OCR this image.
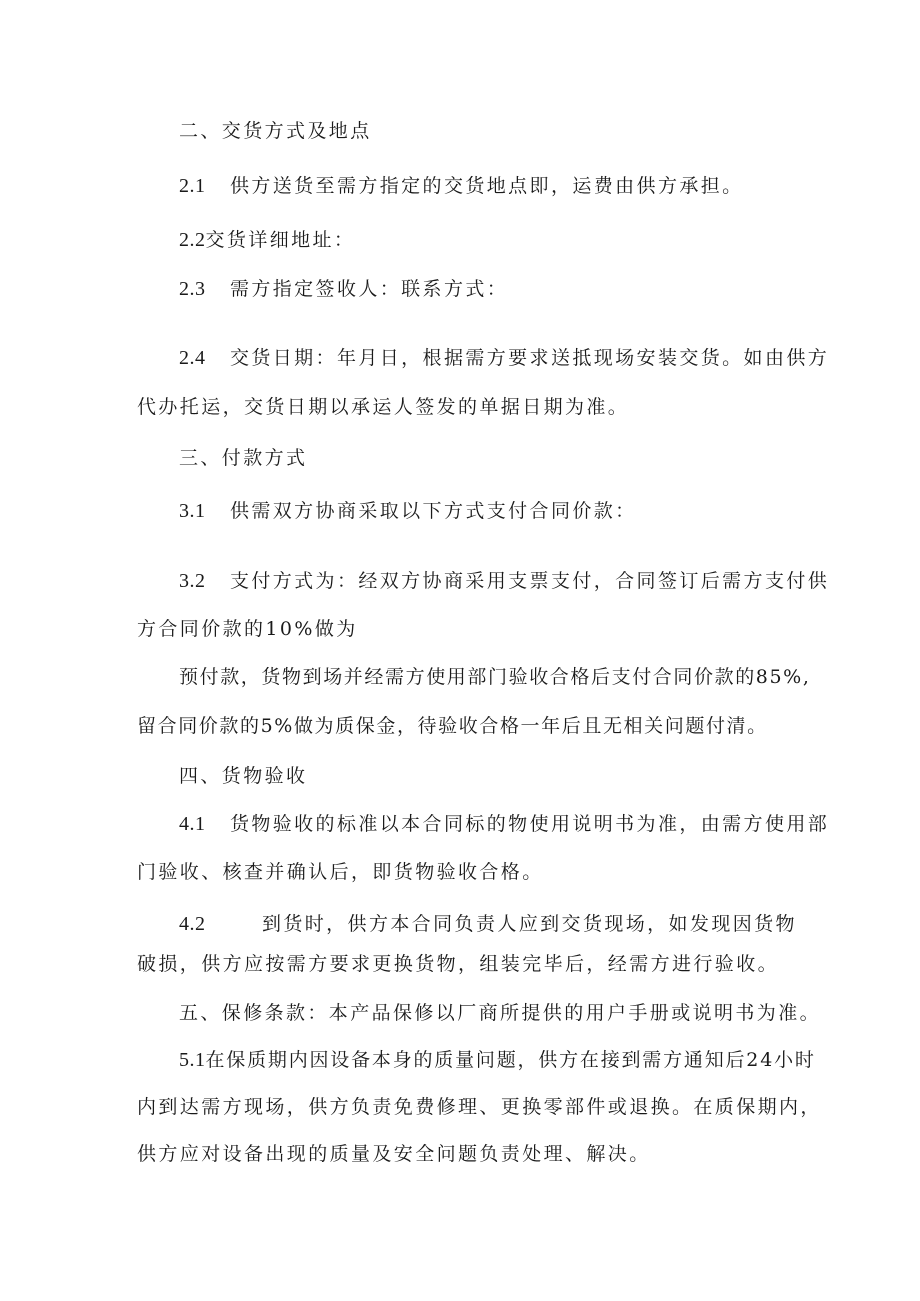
二、交货方式及地点
2.1 供方送货至需方指定的交货地点即，运费由供方承担。
2.2交货详细地址：
2.3 需方指定签收人：联系方式：
2.4 交货日期：年月日，根据需方要求送抵现场安装交货。如由供方
代办托运，交货日期以承运人签发的单据日期为准。
三、付款方式
3.1 供需双方协商采取以下方式支付合同价款：
3.2 支付方式为：经双方协商采用支票支付，合同签订后需方支付供
方合同价款的10%做为
预付款，货物到场并经需方使用部门验收合格后支付合同价款的85%,
留合同价款的5%做为质保金，待验收合格一年后且无相关问题付清。
四、货物验收
4.1 货物验收的标准以本合同标的物使用说明书为准，由需方使用部
门验收、核查并确认后，即货物验收合格。
4.2	到货时，供方本合同负责人应到交货现场，如发现因货物
破损，供方应按需方要求更换货物，组装完毕后，经需方进行验收。
五、保修条款：本产品保修以厂商所提供的用户手册或说明书为准。
5.1在保质期内因设备本身的质量问题，供方在接到需方通知后24小时
内到达需方现场，供方负责免费修理、更换零部件或退换。在质保期内，
供方应对设备出现的质量及安全问题负责处理、解决。
